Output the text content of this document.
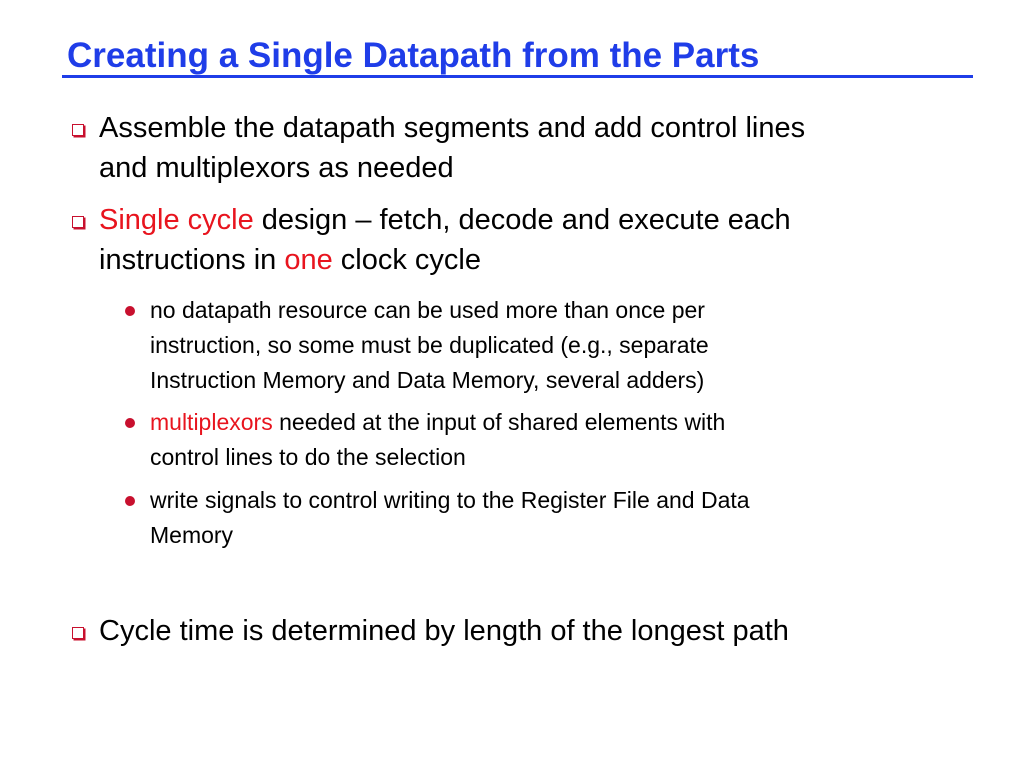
Creating a Single Datapath from the Parts
Assemble the datapath segments and add control lines
and multiplexors as needed
Single cycle design – fetch, decode and execute each
instructions in one clock cycle
no datapath resource can be used more than once per
instruction, so some must be duplicated (e.g., separate
Instruction Memory and Data Memory, several adders)
multiplexors needed at the input of shared elements with
control lines to do the selection
write signals to control writing to the Register File and Data
Memory
Cycle time is determined by length of the longest path
